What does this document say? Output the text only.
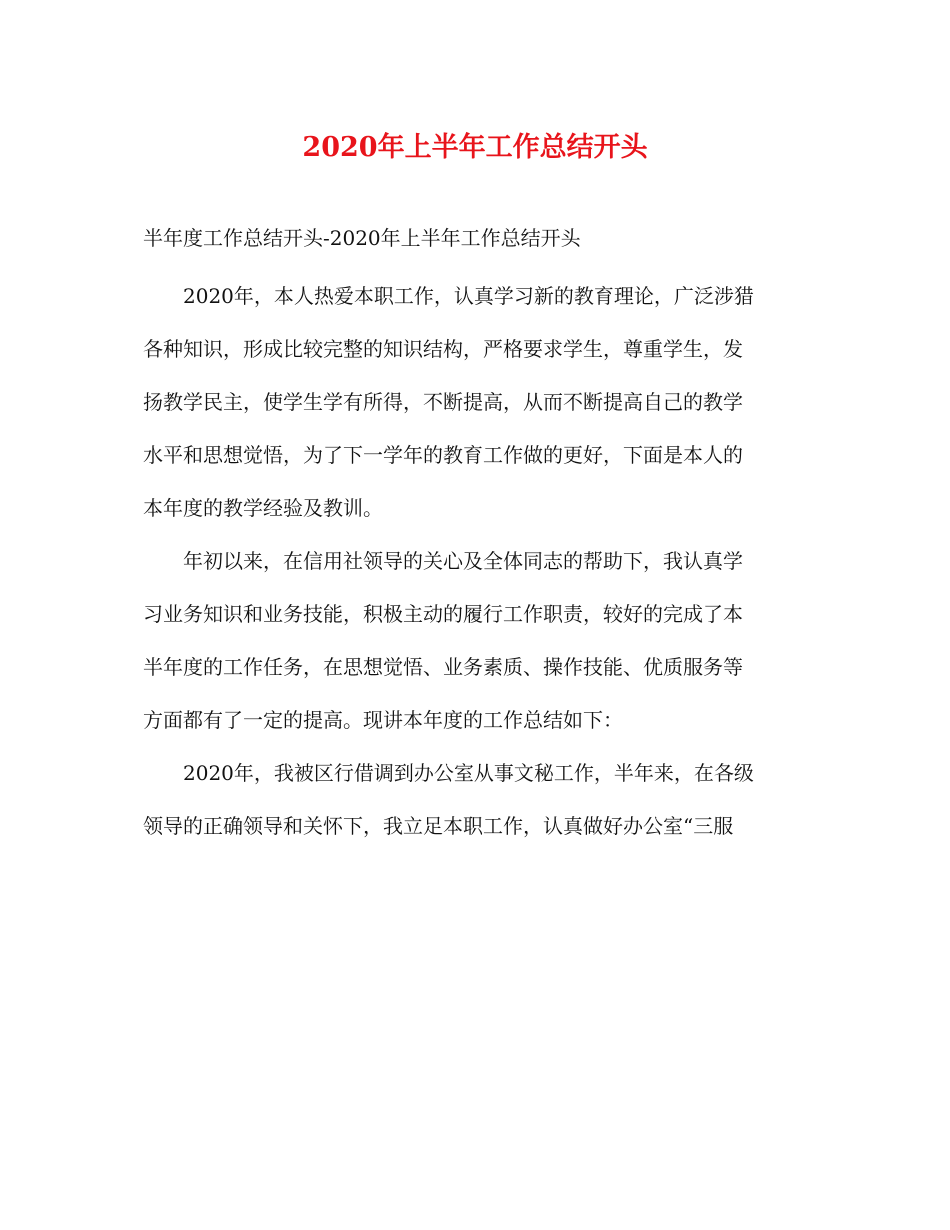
2020年上半年工作总结开头

半年度工作总结开头-2020年上半年工作总结开头

2020年，本人热爱本职工作，认真学习新的教育理论，广泛涉猎

各种知识，形成比较完整的知识结构，严格要求学生，尊重学生，发

扬教学民主，使学生学有所得，不断提高，从而不断提高自己的教学

水平和思想觉悟，为了下一学年的教育工作做的更好，下面是本人的

本年度的教学经验及教训。

年初以来，在信用社领导的关心及全体同志的帮助下，我认真学

习业务知识和业务技能，积极主动的履行工作职责，较好的完成了本

半年度的工作任务，在思想觉悟、业务素质、操作技能、优质服务等

方面都有了一定的提高。现讲本年度的工作总结如下：

2020年，我被区行借调到办公室从事文秘工作，半年来，在各级

领导的正确领导和关怀下，我立足本职工作，认真做好办公室“三服
